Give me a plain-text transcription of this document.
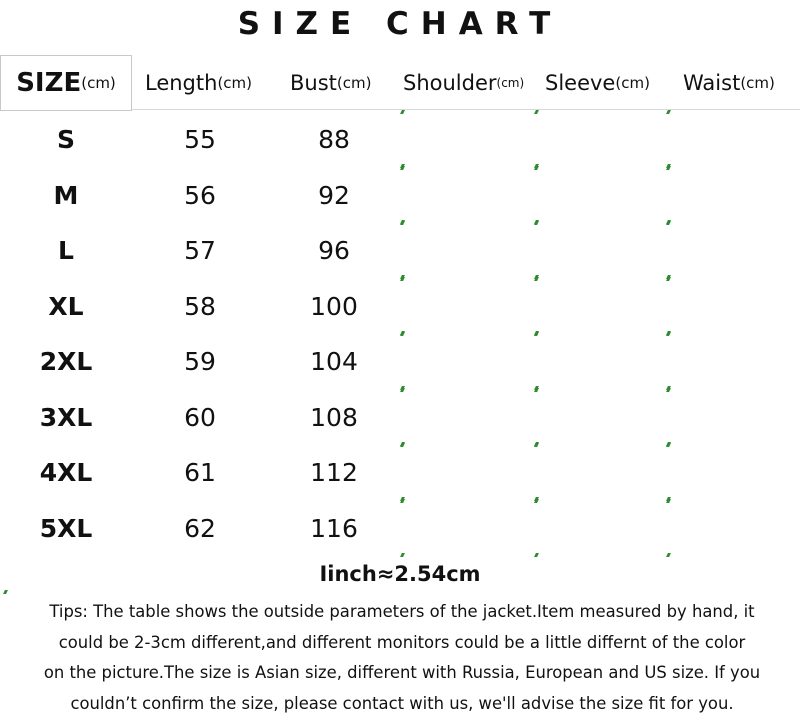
SIZE CHART
SIZE (cm) Length (cm) Bust (cm) Shoulder (cm) Sleeve (cm) Waist (cm)
S	55	88
M	56	92
L	57	96
XL	58	100
2XL	59	104
3XL	60	108
4XL	61	112
5XL	62	116
Iinch≈2.54cm
Tips: The table shows the outside parameters of the jacket.Item measured by hand, it
could be 2-3cm different,and different monitors could be a little differnt of the color
on the picture.The size is Asian size, different with Russia, European and US size. If you
couldn’t confirm the size, please contact with us, we'll advise the size fit for you.
